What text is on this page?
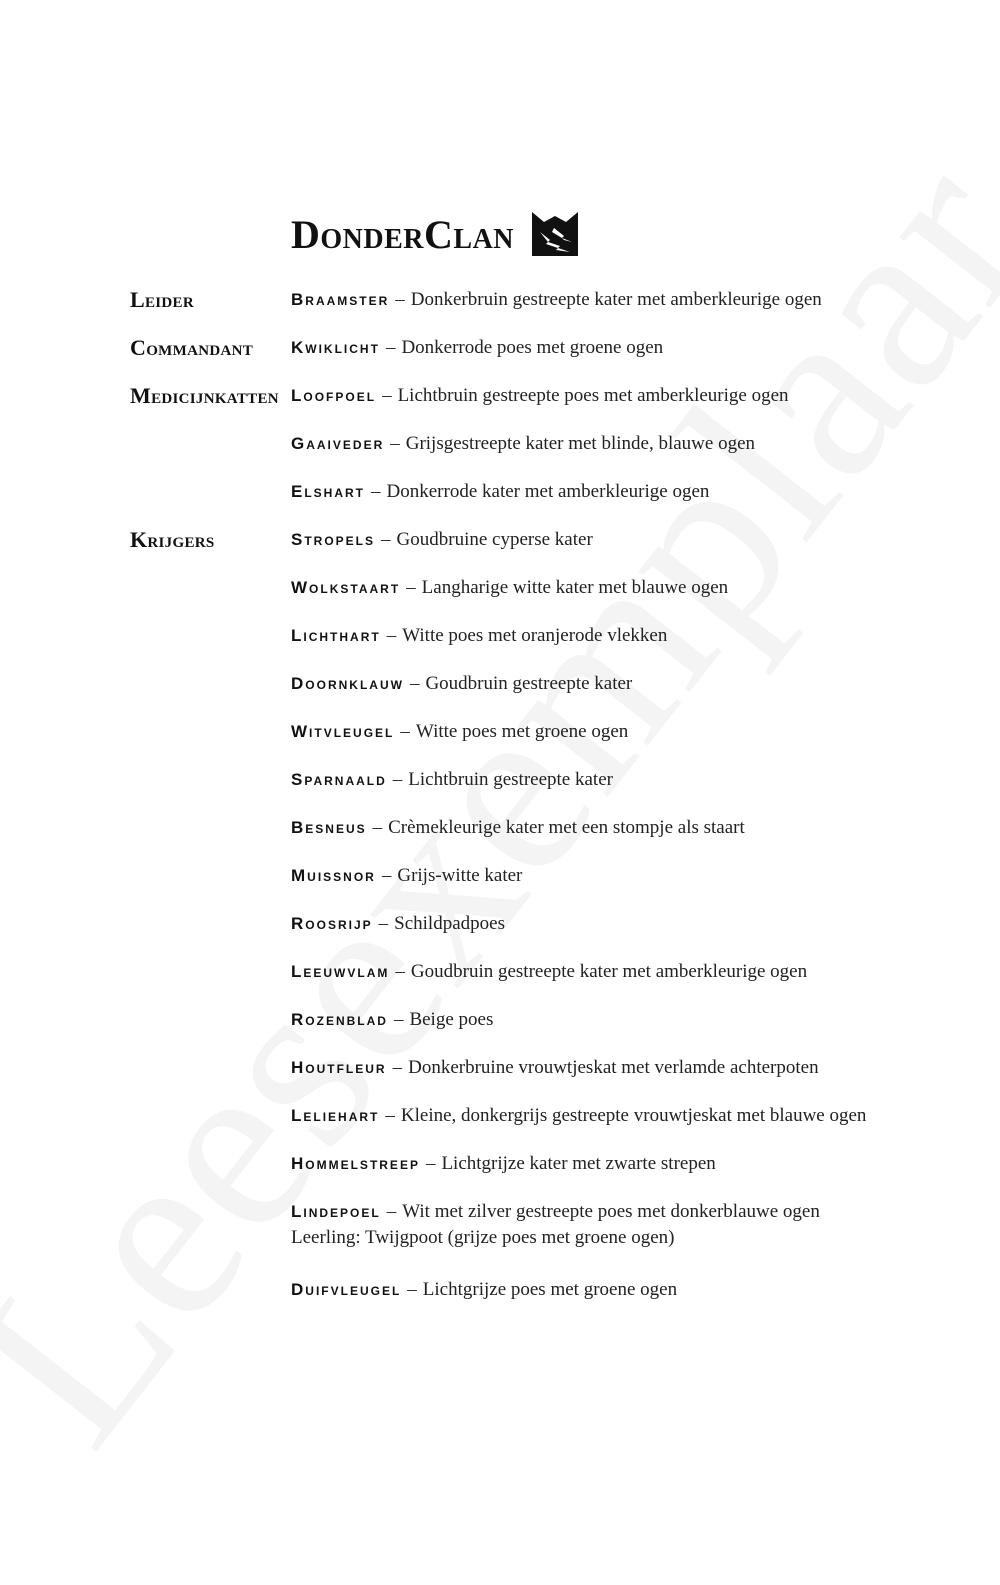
DonderClan
Leider	Braamster – Donkerbruin gestreepte kater met amberkleurige ogen
Commandant Kwiklicht – Donkerrode poes met groene ogen
Medicijnkatten Loofpoel – Lichtbruin gestreepte poes met amberkleurige ogen
Gaaiveder – Grijsgestreepte kater met blinde, blauwe ogen
Elshart – Donkerrode kater met amberkleurige ogen
Krijgers	Stropels – Goudbruine cyperse kater
Wolkstaart – Langharige witte kater met blauwe ogen
Lichthart – Witte poes met oranjerode vlekken
Doornklauw – Goudbruin gestreepte kater
Witvleugel – Witte poes met groene ogen
Sparnaald – Lichtbruin gestreepte kater
Besneus – Crèmekleurige kater met een stompje als staart
Muissnor – Grijs-witte kater
Roosrijp – Schildpadpoes
Leeuwvlam – Goudbruin gestreepte kater met amberkleurige ogen
Rozenblad – Beige poes
Houtfleur – Donkerbruine vrouwtjeskat met verlamde achterpoten
Leliehart – Kleine, donkergrijs gestreepte vrouwtjeskat met blauwe ogen
Hommelstreep – Lichtgrijze kater met zwarte strepen
Lindepoel – Wit met zilver gestreepte poes met donkerblauwe ogen
Leerling: Twijgpoot (grijze poes met groene ogen)
Duifvleugel – Lichtgrijze poes met groene ogen
